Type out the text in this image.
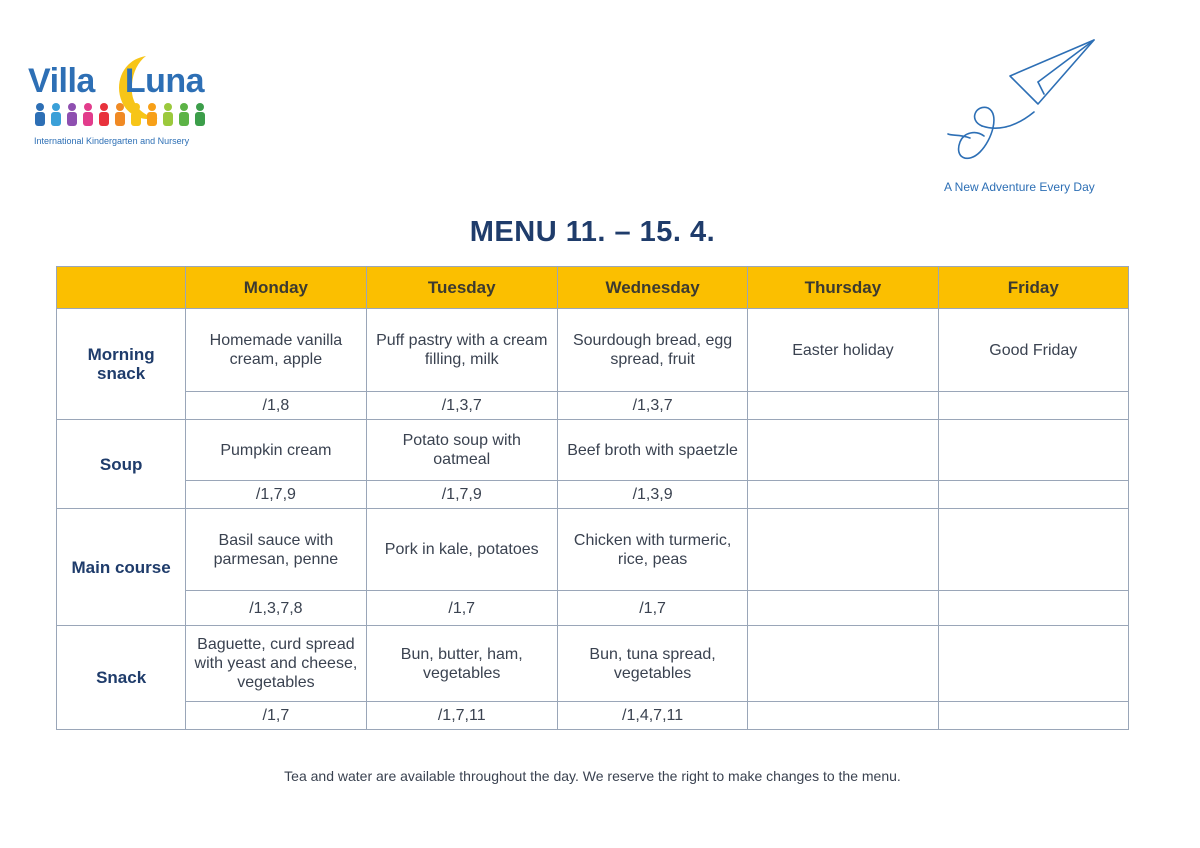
Villa Luna
International Kindergarten and Nursery
A New Adventure Every Day
MENU 11. – 15. 4.
	Monday	Tuesday	Wednesday	Thursday	Friday
Morning snack	Homemade vanilla cream, apple	Puff pastry with a cream filling, milk	Sourdough bread, egg spread, fruit	Easter holiday	Good Friday
	/1,8	/1,3,7	/1,3,7		
Soup	Pumpkin cream	Potato soup with oatmeal	Beef broth with spaetzle		
	/1,7,9	/1,7,9	/1,3,9		
Main course	Basil sauce with parmesan, penne	Pork in kale, potatoes	Chicken with turmeric, rice, peas		
	/1,3,7,8	/1,7	/1,7		
Snack	Baguette, curd spread with yeast and cheese, vegetables	Bun, butter, ham, vegetables	Bun, tuna spread, vegetables		
	/1,7	/1,7,11	/1,4,7,11		
Tea and water are available throughout the day. We reserve the right to make changes to the menu.
